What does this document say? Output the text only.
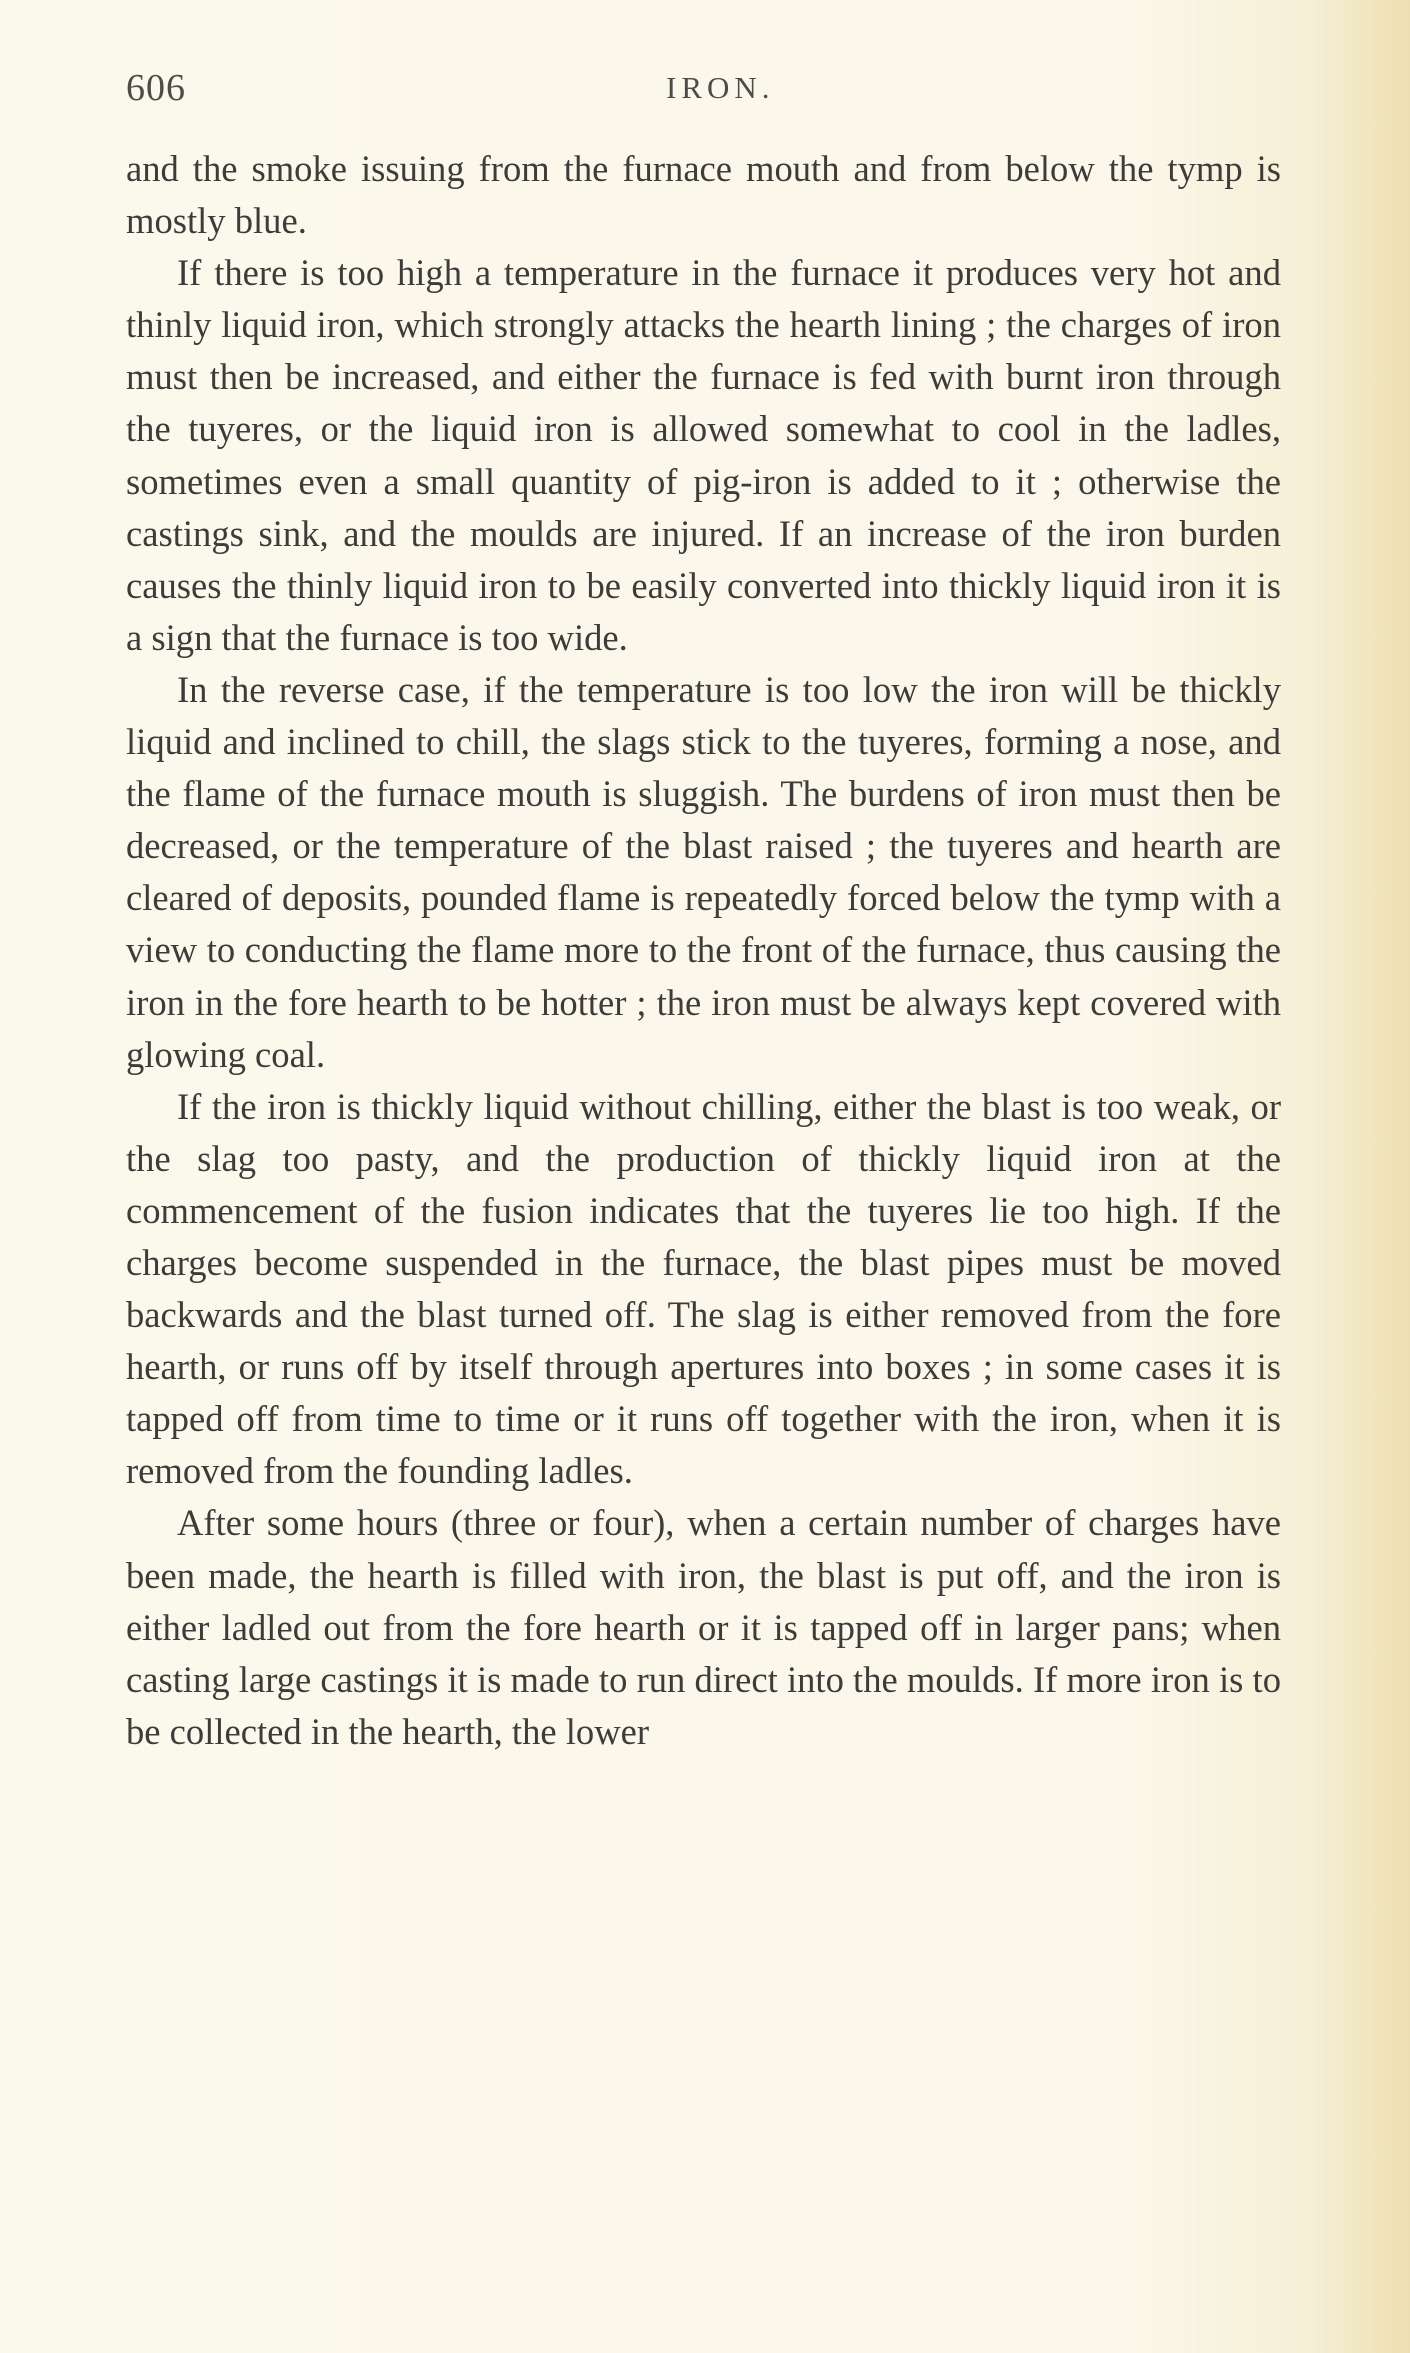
606	IRON.

and the smoke issuing from the furnace mouth and from below the tymp is mostly blue.

If there is too high a temperature in the furnace it produces very hot and thinly liquid iron, which strongly attacks the hearth lining ; the charges of iron must then be increased, and either the furnace is fed with burnt iron through the tuyeres, or the liquid iron is allowed somewhat to cool in the ladles, sometimes even a small quantity of pig-iron is added to it ; otherwise the castings sink, and the moulds are injured. If an increase of the iron burden causes the thinly liquid iron to be easily converted into thickly liquid iron it is a sign that the furnace is too wide.

In the reverse case, if the temperature is too low the iron will be thickly liquid and inclined to chill, the slags stick to the tuyeres, forming a nose, and the flame of the furnace mouth is sluggish. The burdens of iron must then be decreased, or the temperature of the blast raised ; the tuyeres and hearth are cleared of deposits, pounded flame is repeatedly forced below the tymp with a view to conducting the flame more to the front of the furnace, thus causing the iron in the fore hearth to be hotter ; the iron must be always kept covered with glowing coal.

If the iron is thickly liquid without chilling, either the blast is too weak, or the slag too pasty, and the production of thickly liquid iron at the commencement of the fusion indicates that the tuyeres lie too high. If the charges become suspended in the furnace, the blast pipes must be moved backwards and the blast turned off. The slag is either removed from the fore hearth, or runs off by itself through apertures into boxes ; in some cases it is tapped off from time to time or it runs off together with the iron, when it is removed from the founding ladles.

After some hours (three or four), when a certain number of charges have been made, the hearth is filled with iron, the blast is put off, and the iron is either ladled out from the fore hearth or it is tapped off in larger pans; when casting large castings it is made to run direct into the moulds. If more iron is to be collected in the hearth, the lower
